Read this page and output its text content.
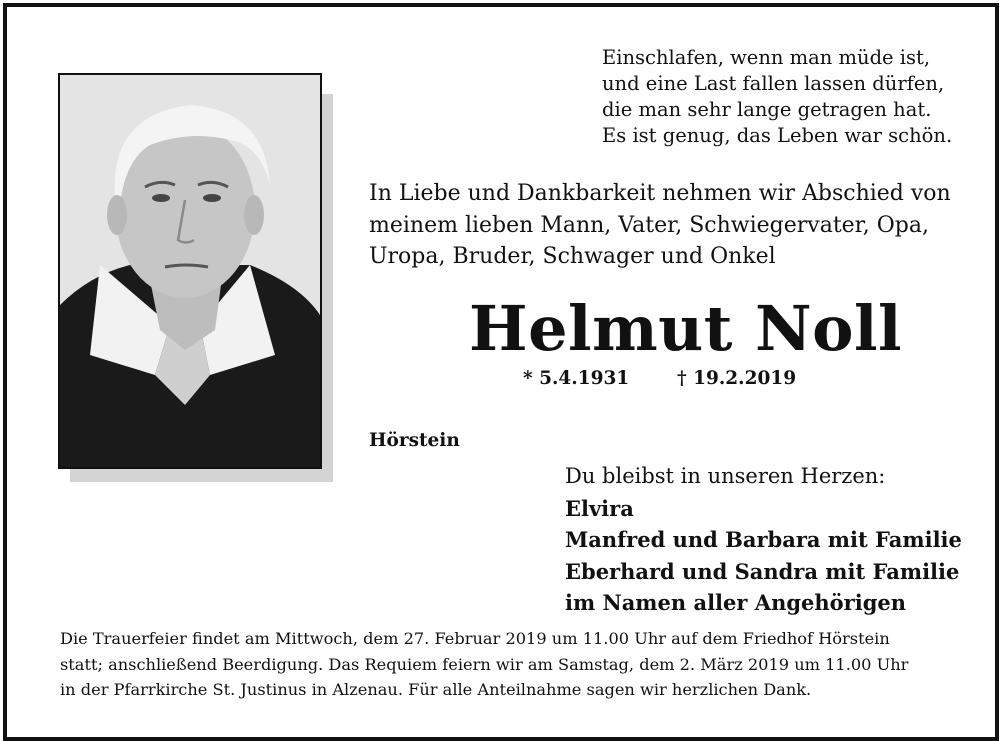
Einschlafen, wenn man müde ist,
und eine Last fallen lassen dürfen,
die man sehr lange getragen hat.
Es ist genug, das Leben war schön.
In Liebe und Dankbarkeit nehmen wir Abschied von
meinem lieben Mann, Vater, Schwiegervater, Opa,
Uropa, Bruder, Schwager und Onkel
Helmut Noll
* 5.4.1931	† 19.2.2019
Hörstein
Du bleibst in unseren Herzen:
Elvira
Manfred und Barbara mit Familie
Eberhard und Sandra mit Familie
im Namen aller Angehörigen
Die Trauerfeier findet am Mittwoch, dem 27. Februar 2019 um 11.00 Uhr auf dem Friedhof Hörstein
statt; anschließend Beerdigung. Das Requiem feiern wir am Samstag, dem 2. März 2019 um 11.00 Uhr
in der Pfarrkirche St. Justinus in Alzenau. Für alle Anteilnahme sagen wir herzlichen Dank.
